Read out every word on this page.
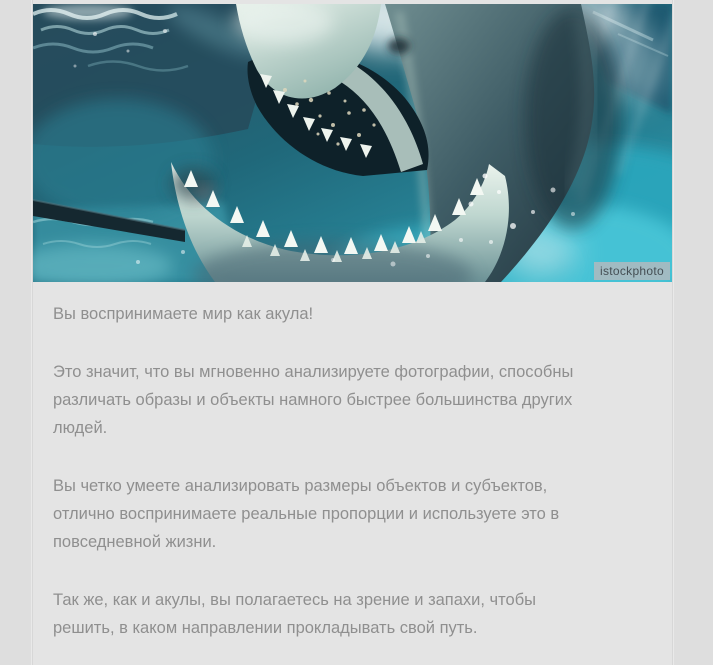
istockphoto

Вы воспринимаете мир как акула!

Это значит, что вы мгновенно анализируете фотографии, способны
различать образы и объекты намного быстрее большинства других
людей.

Вы четко умеете анализировать размеры объектов и субъектов,
отлично воспринимаете реальные пропорции и используете это в
повседневной жизни.

Так же, как и акулы, вы полагаетесь на зрение и запахи, чтобы
решить, в каком направлении прокладывать свой путь.
